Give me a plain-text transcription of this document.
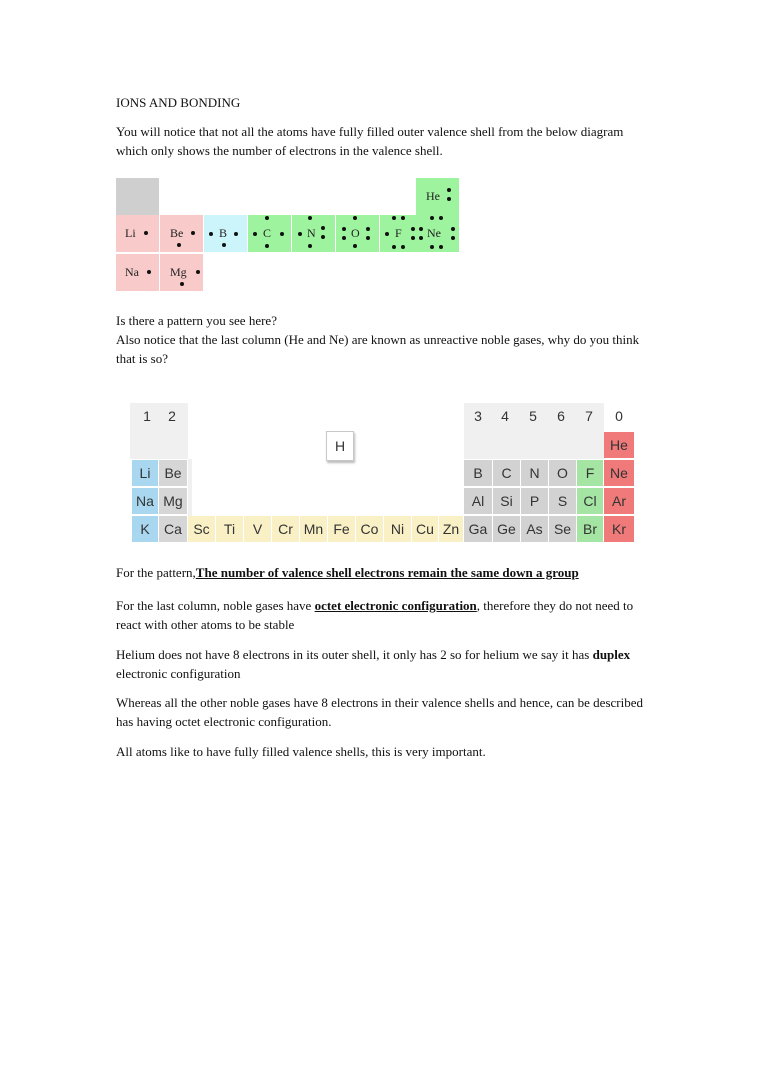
IONS AND BONDING

You will notice that not all the atoms have fully filled outer valence shell from the below diagram which only shows the number of electrons in the valence shell.

He
Li	Be	B	C	N	O	F Ne
Na	Mg

Is there a pattern you see here?
Also notice that the last column (He and Ne) are known as unreactive noble gases, why do you think that is so?

1	2	3	4	5	6	7	0
H	He
Li Be	B	C	N	O	F	Ne
Na Mg	Al	Si	P	S	Cl	Ar
K	Ca Sc	Ti	V	Cr Mn Fe Co Ni Cu Zn Ga Ge As Se Br	Kr

For the pattern,The number of valence shell electrons remain the same down a group

For the last column, noble gases have octet electronic configuration, therefore they do not need to react with other atoms to be stable

Helium does not have 8 electrons in its outer shell, it only has 2 so for helium we say it has duplex electronic configuration

Whereas all the other noble gases have 8 electrons in their valence shells and hence, can be described has having octet electronic configuration.

All atoms like to have fully filled valence shells, this is very important.
